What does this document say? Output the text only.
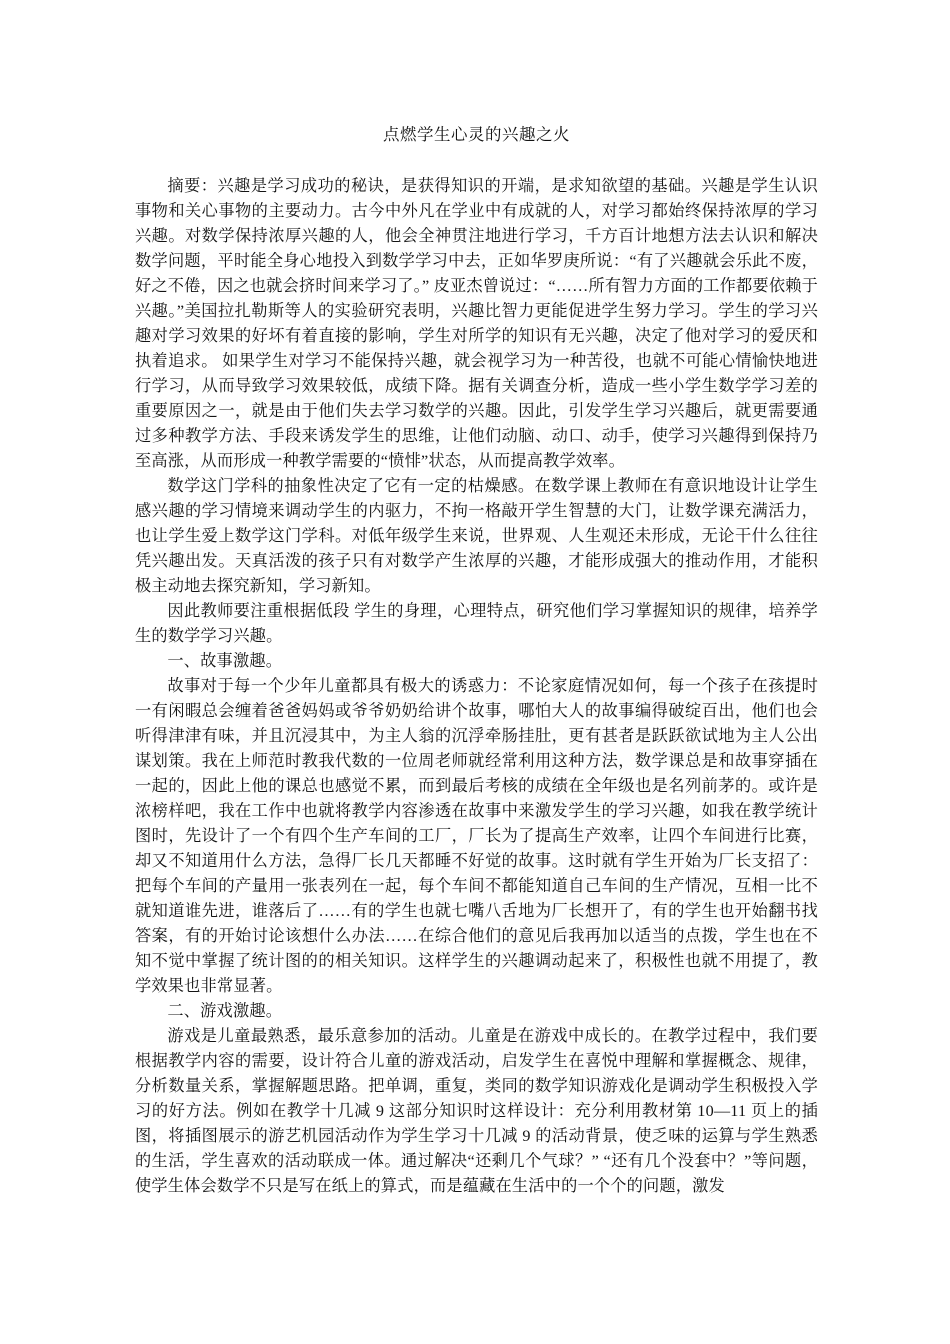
点燃学生心灵的兴趣之火

摘要：兴趣是学习成功的秘诀，是获得知识的开端，是求知欲望的基础。兴趣是学生认识事物和关心事物的主要动力。古今中外凡在学业中有成就的人，对学习都始终保持浓厚的学习兴趣。对数学保持浓厚兴趣的人，他会全神贯注地进行学习，千方百计地想方法去认识和解决数学问题，平时能全身心地投入到数学学习中去，正如华罗庚所说：“有了兴趣就会乐此不废，好之不倦，因之也就会挤时间来学习了。” 皮亚杰曾说过：“……所有智力方面的工作都要依赖于兴趣。”美国拉扎勒斯等人的实验研究表明，兴趣比智力更能促进学生努力学习。学生的学习兴趣对学习效果的好坏有着直接的影响，学生对所学的知识有无兴趣，决定了他对学习的爱厌和执着追求。 如果学生对学习不能保持兴趣，就会视学习为一种苦役，也就不可能心情愉快地进行学习，从而导致学习效果较低，成绩下降。据有关调查分析，造成一些小学生数学学习差的重要原因之一，就是由于他们失去学习数学的兴趣。因此，引发学生学习兴趣后，就更需要通过多种教学方法、手段来诱发学生的思维，让他们动脑、动口、动手，使学习兴趣得到保持乃至高涨，从而形成一种教学需要的“愤悱”状态，从而提高教学效率。

数学这门学科的抽象性决定了它有一定的枯燥感。在数学课上教师在有意识地设计让学生感兴趣的学习情境来调动学生的内驱力，不拘一格敲开学生智慧的大门，让数学课充满活力，也让学生爱上数学这门学科。对低年级学生来说，世界观、人生观还未形成，无论干什么往往凭兴趣出发。天真活泼的孩子只有对数学产生浓厚的兴趣，才能形成强大的推动作用，才能积极主动地去探究新知，学习新知。

因此教师要注重根据低段 学生的身理，心理特点，研究他们学习掌握知识的规律，培养学生的数学学习兴趣。

一、故事激趣。

故事对于每一个少年儿童都具有极大的诱惑力：不论家庭情况如何，每一个孩子在孩提时一有闲暇总会缠着爸爸妈妈或爷爷奶奶给讲个故事，哪怕大人的故事编得破绽百出，他们也会听得津津有味，并且沉浸其中，为主人翁的沉浮牵肠挂肚，更有甚者是跃跃欲试地为主人公出谋划策。我在上师范时教我代数的一位周老师就经常利用这种方法，数学课总是和故事穿插在一起的，因此上他的课总也感觉不累，而到最后考核的成绩在全年级也是名列前茅的。或许是浓榜样吧，我在工作中也就将教学内容渗透在故事中来激发学生的学习兴趣，如我在教学统计图时，先设计了一个有四个生产车间的工厂，厂长为了提高生产效率，让四个车间进行比赛，却又不知道用什么方法，急得厂长几天都睡不好觉的故事。这时就有学生开始为厂长支招了：把每个车间的产量用一张表列在一起，每个车间不都能知道自己车间的生产情况，互相一比不就知道谁先进，谁落后了……有的学生也就七嘴八舌地为厂长想开了，有的学生也开始翻书找答案，有的开始讨论该想什么办法……在综合他们的意见后我再加以适当的点拨，学生也在不知不觉中掌握了统计图的的相关知识。这样学生的兴趣调动起来了，积极性也就不用提了，教学效果也非常显著。

二、游戏激趣。

游戏是儿童最熟悉，最乐意参加的活动。儿童是在游戏中成长的。在教学过程中，我们要根据教学内容的需要，设计符合儿童的游戏活动，启发学生在喜悦中理解和掌握概念、规律，分析数量关系，掌握解题思路。把单调，重复，类同的数学知识游戏化是调动学生积极投入学习的好方法。例如在教学十几减 9 这部分知识时这样设计：充分利用教材第 10—11 页上的插图，将插图展示的游艺机园活动作为学生学习十几减 9 的活动背景，使乏味的运算与学生熟悉的生活，学生喜欢的活动联成一体。通过解决“还剩几个气球？” “还有几个没套中？”等问题，使学生体会数学不只是写在纸上的算式，而是蕴藏在生活中的一个个的问题，激发
